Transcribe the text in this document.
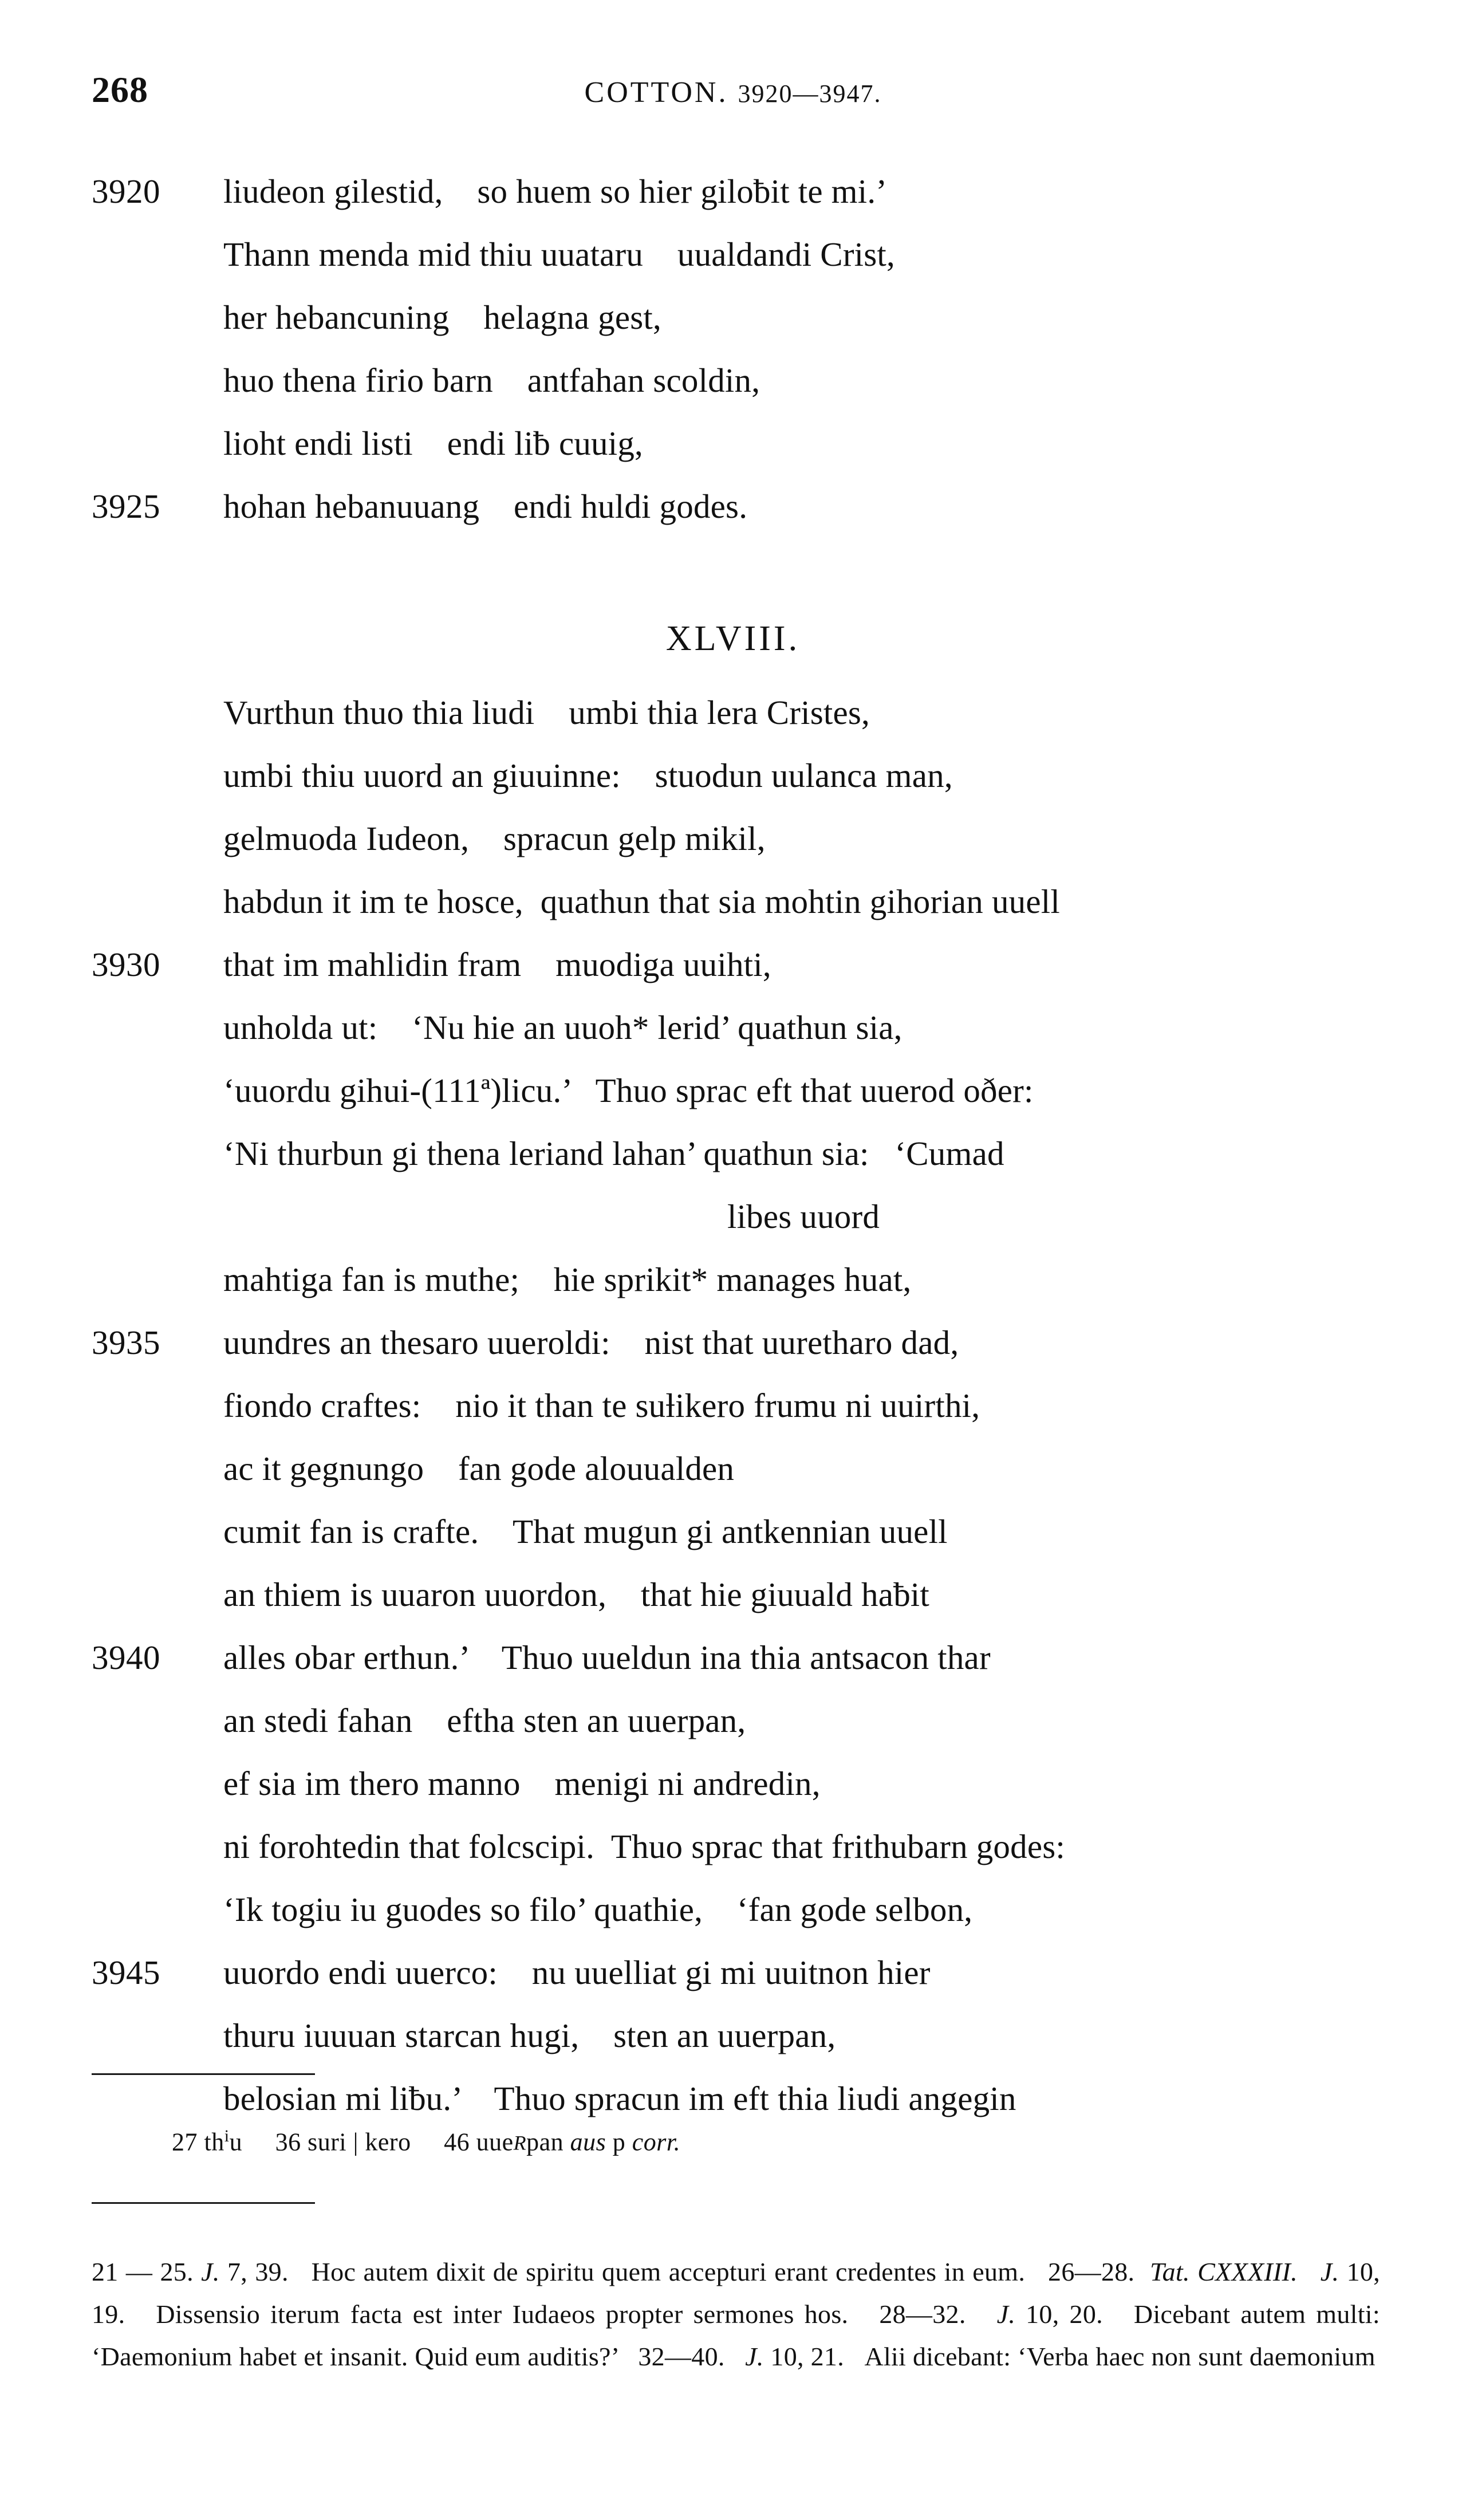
268	COTTON. 3920—3947.
3920	liudeon gilestid,    so huem so hier giloƀit te mi.’
Thann menda mid thiu uuataru    uualdandi Crist,
her hebancuning    helagna gest,
huo thena firio barn    antfahan scoldin,
lioht endi listi    endi liƀ cuuig,
3925	hohan hebanuuang    endi huldi godes.
XLVIII.
Vurthun thuo thia liudi    umbi thia lera Cristes,
umbi thiu uuord an giuuinne:    stuodun uulanca man,
gelmuoda Iudeon,    spracun gelp mikil,
habdun it im te hosce,  quathun that sia mohtin gihorian uuell
3930	that im mahlidin fram    muodiga uuihti,
unholda ut:    ‘Nu hie an uuoh* lerid’ quathun sia,
‘uuordu gihui-(111ª)licu.’   Thuo sprac eft that uuerod oðer:
‘Ni thurbun gi thena leriand lahan’ quathun sia:   ‘Cumad
libes uuord
mahtiga fan is muthe;    hie sprikit* manages huat,
3935	uundres an thesaro uueroldi:    nist that uuretharo dad,
fiondo craftes:    nio it than te suƚikero frumu ni uuirthi,
ac it gegnungo    fan gode alouualden
cumit fan is crafte.    That mugun gi antkennian uuell
an thiem is uuaron uuordon,    that hie giuuald haƀit
3940	alles obar erthun.’    Thuo uueldun ina thia antsacon thar
an stedi fahan    eftha sten an uuerpan,
ef sia im thero manno    menigi ni andredin,
ni forohtedin that folcscipi.  Thuo sprac that frithubarn godes:
‘Ik togiu iu guodes so filo’ quathie,    ‘fan gode selbon,
3945	uuordo endi uuerco:    nu uuelliat gi mi uuitnon hier
thuru iuuuan starcan hugi,    sten an uuerpan,
belosian mi liƀu.’    Thuo spracun im eft thia liudi angegin
27 $th^iu$     36 suri | kero     46 uueRpan aus p corr.
21 — 25. J. 7, 39.   Hoc autem dixit de spiritu quem accepturi erant credentes in eum.   26—28.  Tat. CXXXIII.   J. 10, 19.   Dissensio iterum facta est inter Iudaeos propter sermones hos.   28—32.   J. 10, 20.   Dicebant autem multi: ‘Daemonium habet et insanit. Quid eum auditis?’   32—40.   J. 10, 21.   Alii dicebant: ‘Verba haec non sunt daemonium
